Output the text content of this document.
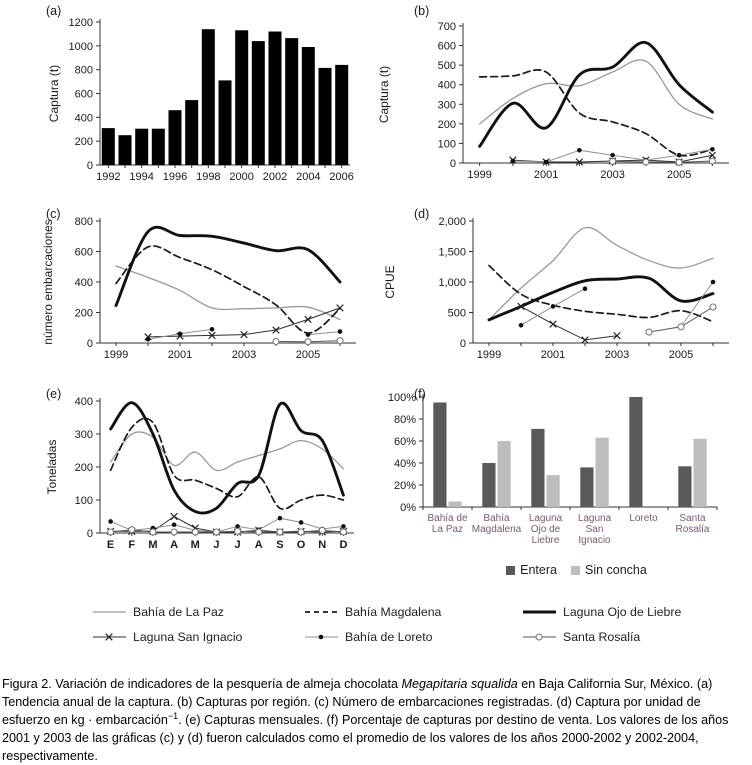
(a)
0
200
400
600
800
1000
1200
1992 1994 1996 1998 2000 2002 2004 2006
Captura (t)
(b)
0
100
200
300
400
500
600
700
1999	2001	2003	2005
Captura (t)
(c)
0
200
400
600
800
1999	2001	2003	2005
número embarcaciones
(d)
0
500
1,000
1,500
2,000
1999	2001	2003	2005
CPUE
(e)
0
100
200
300
400
E F M A M J J A S O N D
Toneladas
(f)
0%
20%
40%
60%
80%
100%
Bahía de La Paz
Bahía Magdalena
Laguna Ojo de Liebre
Laguna San Ignacio
Loreto	Santa Rosalía
Entera Sin concha
Bahía de La Paz	Bahía Magdalena	Laguna Ojo de Liebre
Laguna San Ignacio	Bahía de Loreto	Santa Rosalía

Figura 2. Variación de indicadores de la pesquería de almeja chocolata Megapitaria squalida en Baja California Sur, México. (a) Tendencia anual de la captura. (b) Capturas por región. (c) Número de embarcaciones registradas. (d) Captura por unidad de esfuerzo en kg · embarcación$^{-1}$. (e) Capturas mensuales. (f) Porcentaje de capturas por destino de venta. Los valores de los años 2001 y 2003 de las gráficas (c) y (d) fueron calculados como el promedio de los valores de los años 2000-2002 y 2002-2004, respectivamente.
